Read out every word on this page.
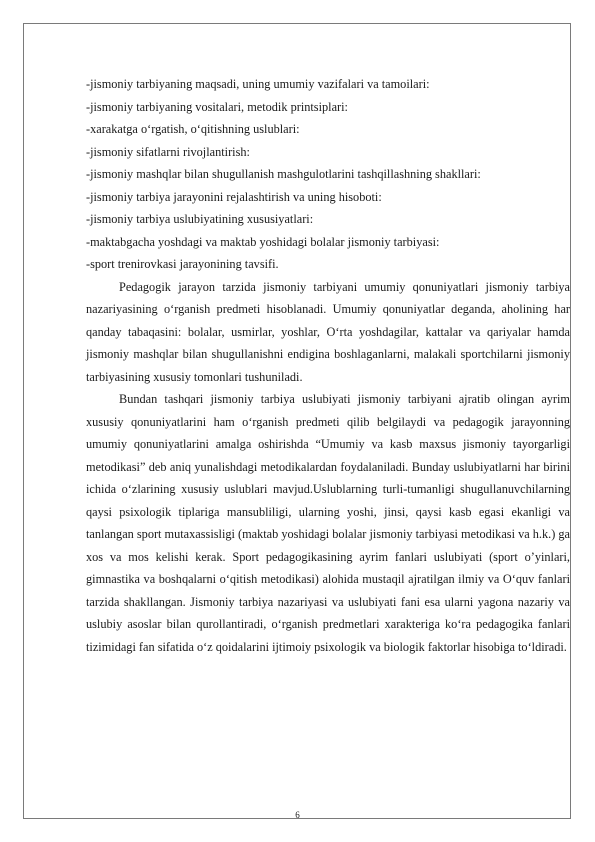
-jismoniy tarbiyaning maqsadi, uning umumiy vazifalari va tamoilari:
-jismoniy tarbiyaning vositalari, metodik printsiplari:
-xarakatga o‘rgatish, o‘qitishning uslublari:
-jismoniy sifatlarni rivojlantirish:
-jismoniy mashqlar bilan shugullanish mashgulotlarini tashqillashning shakllari:
-jismoniy tarbiya jarayonini rejalashtirish va uning hisoboti:
-jismoniy tarbiya uslubiyatining xususiyatlari:
-maktabgacha yoshdagi va maktab yoshidagi bolalar jismoniy tarbiyasi:
-sport trenirovkasi jarayonining tavsifi.

Pedagogik jarayon tarzida jismoniy tarbiyani umumiy qonuniyatlari jismoniy tarbiya nazariyasining o‘rganish predmeti hisoblanadi. Umumiy qonuniyatlar deganda, aholining har qanday tabaqasini: bolalar, usmirlar, yoshlar, O‘rta yoshdagilar, kattalar va qariyalar hamda jismoniy mashqlar bilan shugullanishni endigina boshlaganlarni, malakali sportchilarni jismoniy tarbiyasining xususiy tomonlari tushuniladi.

Bundan tashqari jismoniy tarbiya uslubiyati jismoniy tarbiyani ajratib olingan ayrim xususiy qonuniyatlarini ham o‘rganish predmeti qilib belgilaydi va pedagogik jarayonning umumiy qonuniyatlarini amalga oshirishda “Umumiy va kasb maxsus jismoniy tayorgarligi metodikasi” deb aniq yunalishdagi metodikalardan foydalaniladi. Bunday uslubiyatlarni har birini ichida o‘zlarining xususiy uslublari mavjud.Uslublarning turli-tumanligi shugullanuvchilarning qaysi psixologik tiplariga mansubliligi, ularning yoshi, jinsi, qaysi kasb egasi ekanligi va tanlangan sport mutaxassisligi (maktab yoshidagi bolalar jismoniy tarbiyasi metodikasi va h.k.) ga xos va mos kelishi kerak. Sport pedagogikasining ayrim fanlari uslubiyati (sport o’yinlari, gimnastika va boshqalarni o‘qitish metodikasi) alohida mustaqil ajratilgan ilmiy va O‘quv fanlari tarzida shakllangan. Jismoniy tarbiya nazariyasi va uslubiyati fani esa ularni yagona nazariy va uslubiy asoslar bilan qurollantiradi, o‘rganish predmetlari xarakteriga ko‘ra pedagogika fanlari tizimidagi fan sifatida o‘z qoidalarini ijtimoiy psixologik va biologik faktorlar hisobiga to‘ldiradi.

6
